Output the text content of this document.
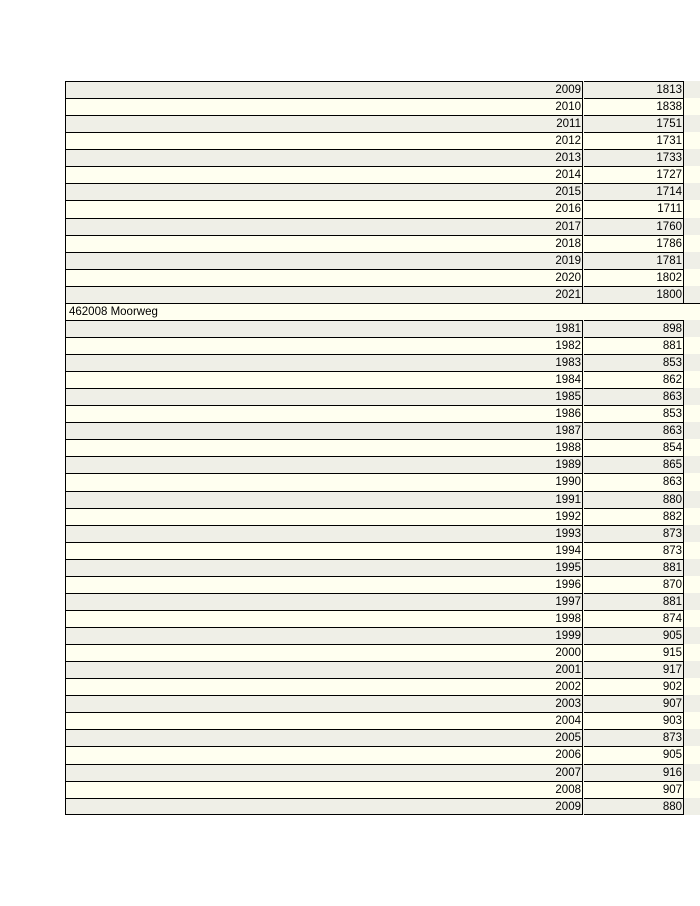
2009	1813
2010	1838
2011	1751
2012	1731
2013	1733
2014	1727
2015	1714
2016	1711
2017	1760
2018	1786
2019	1781
2020	1802
2021	1800
462008 Moorweg
1981	898
1982	881
1983	853
1984	862
1985	863
1986	853
1987	863
1988	854
1989	865
1990	863
1991	880
1992	882
1993	873
1994	873
1995	881
1996	870
1997	881
1998	874
1999	905
2000	915
2001	917
2002	902
2003	907
2004	903
2005	873
2006	905
2007	916
2008	907
2009	880
